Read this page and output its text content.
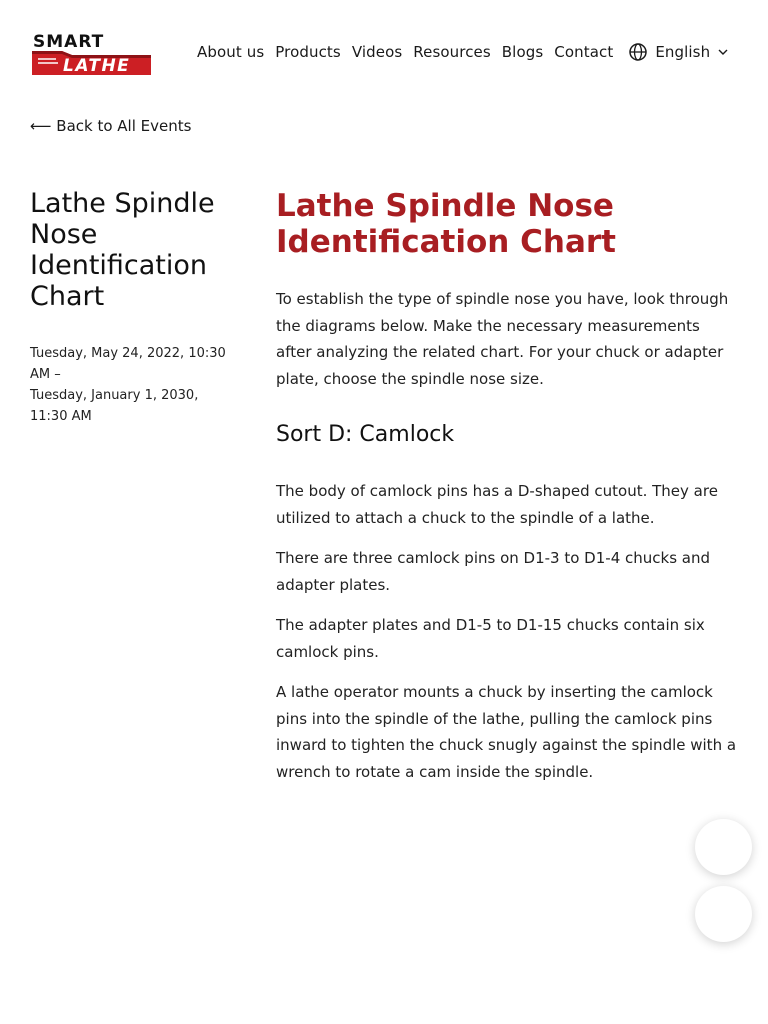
SMART
LATHE
About us Products Videos Resources Blogs Contact	English
⟵ Back to All Events
Lathe Spindle Nose Identification Chart
Tuesday, May 24, 2022, 10:30 AM –
Tuesday, January 1, 2030, 11:30 AM
Lathe Spindle Nose Identification Chart

To establish the type of spindle nose you have, look through the diagrams below. Make the necessary measurements after analyzing the related chart. For your chuck or adapter plate, choose the spindle nose size.

Sort D: Camlock

The body of camlock pins has a D-shaped cutout. They are utilized to attach a chuck to the spindle of a lathe.

There are three camlock pins on D1-3 to D1-4 chucks and adapter plates.

The adapter plates and D1-5 to D1-15 chucks contain six camlock pins.

A lathe operator mounts a chuck by inserting the camlock pins into the spindle of the lathe, pulling the camlock pins inward to tighten the chuck snugly against the spindle with a wrench to rotate a cam inside the spindle.
